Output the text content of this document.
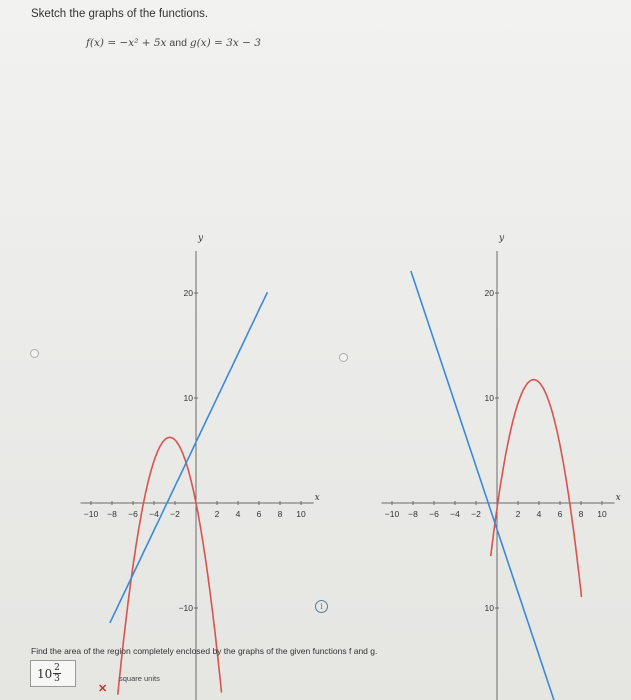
Sketch the graphs of the functions.
f(x) = −x² + 5x and g(x) = 3x − 3
−10 −8 −6 −4 −2	2 4 6 8 10
20
10
−10
x
y
−10 −8 −6 −4 −2	2 4 6 8 10
20
10
10
x
y
i
Find the area of the region completely enclosed by the graphs of the given functions f and g.
10 2
3	square units
✕
